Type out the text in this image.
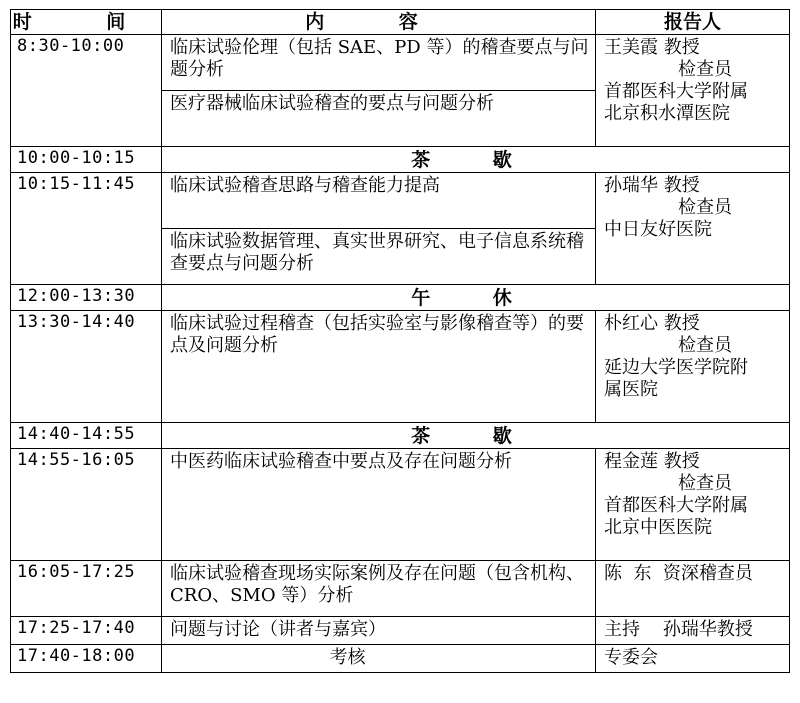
时 间	内 容	报告人
8:30-10:00	临床试验伦理（包括 SAE、PD 等）的稽查要点与问题分析	王美霞 教授
检查员
首都医科大学附属
北京积水潭医院

	医疗器械临床试验稽查的要点与问题分析	
10:00-10:15	茶 歇	
10:15-11:45	临床试验稽查思路与稽查能力提高	孙瑞华 教授
检查员
中日友好医院

	临床试验数据管理、真实世界研究、电子信息系统稽查要点与问题分析	
12:00-13:30	午 休	
13:30-14:40	临床试验过程稽查（包括实验室与影像稽查等）的要点及问题分析	朴红心 教授
检查员
延边大学医学院附
属医院

14:40-14:55	茶 歇	
14:55-16:05	中医药临床试验稽查中要点及存在问题分析	程金莲 教授
检查员
首都医科大学附属
北京中医医院

16:05-17:25	临床试验稽查现场实际案例及存在问题（包含机构、CRO、SMO 等）分析	陈  东  资深稽查员
17:25-17:40	问题与讨论（讲者与嘉宾）	主持    孙瑞华教授
17:40-18:00	考核	专委会
